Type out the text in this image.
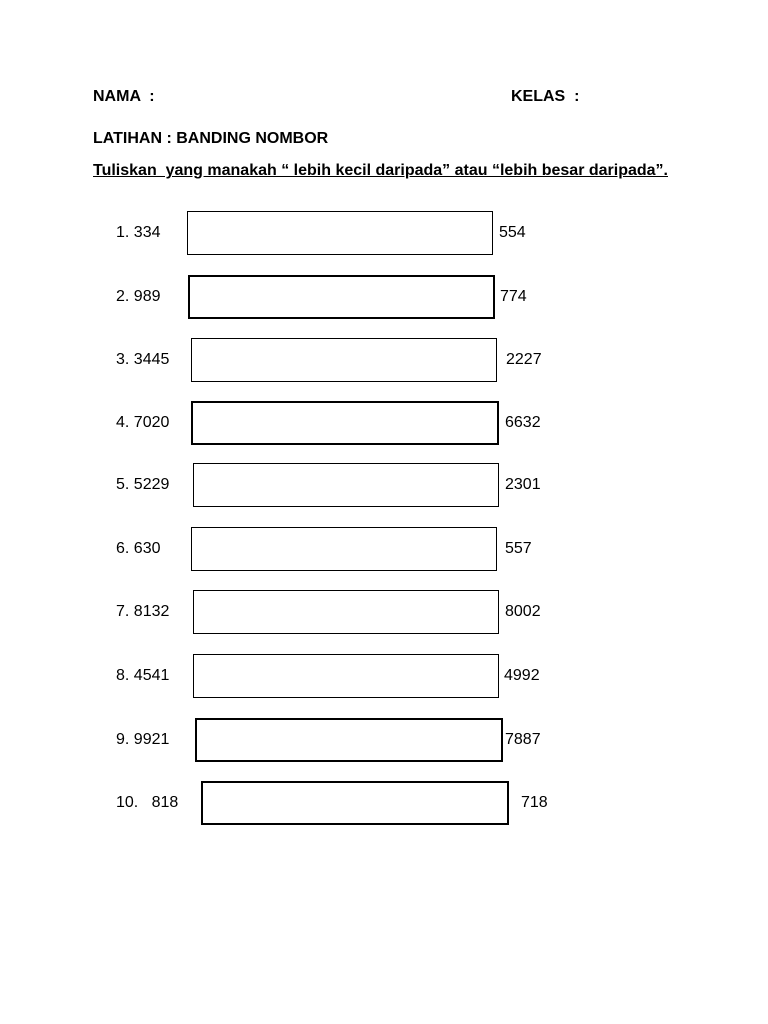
NAMA  :	KELAS  :
LATIHAN : BANDING NOMBOR
Tuliskan  yang manakah “ lebih kecil daripada” atau “lebih besar daripada”.
1. 334	554
2. 989	774
3. 3445	2227
4. 7020	6632
5. 5229	2301
6. 630	557
7. 8132	8002
8. 4541	4992
9. 9921	7887
10.   818	718
